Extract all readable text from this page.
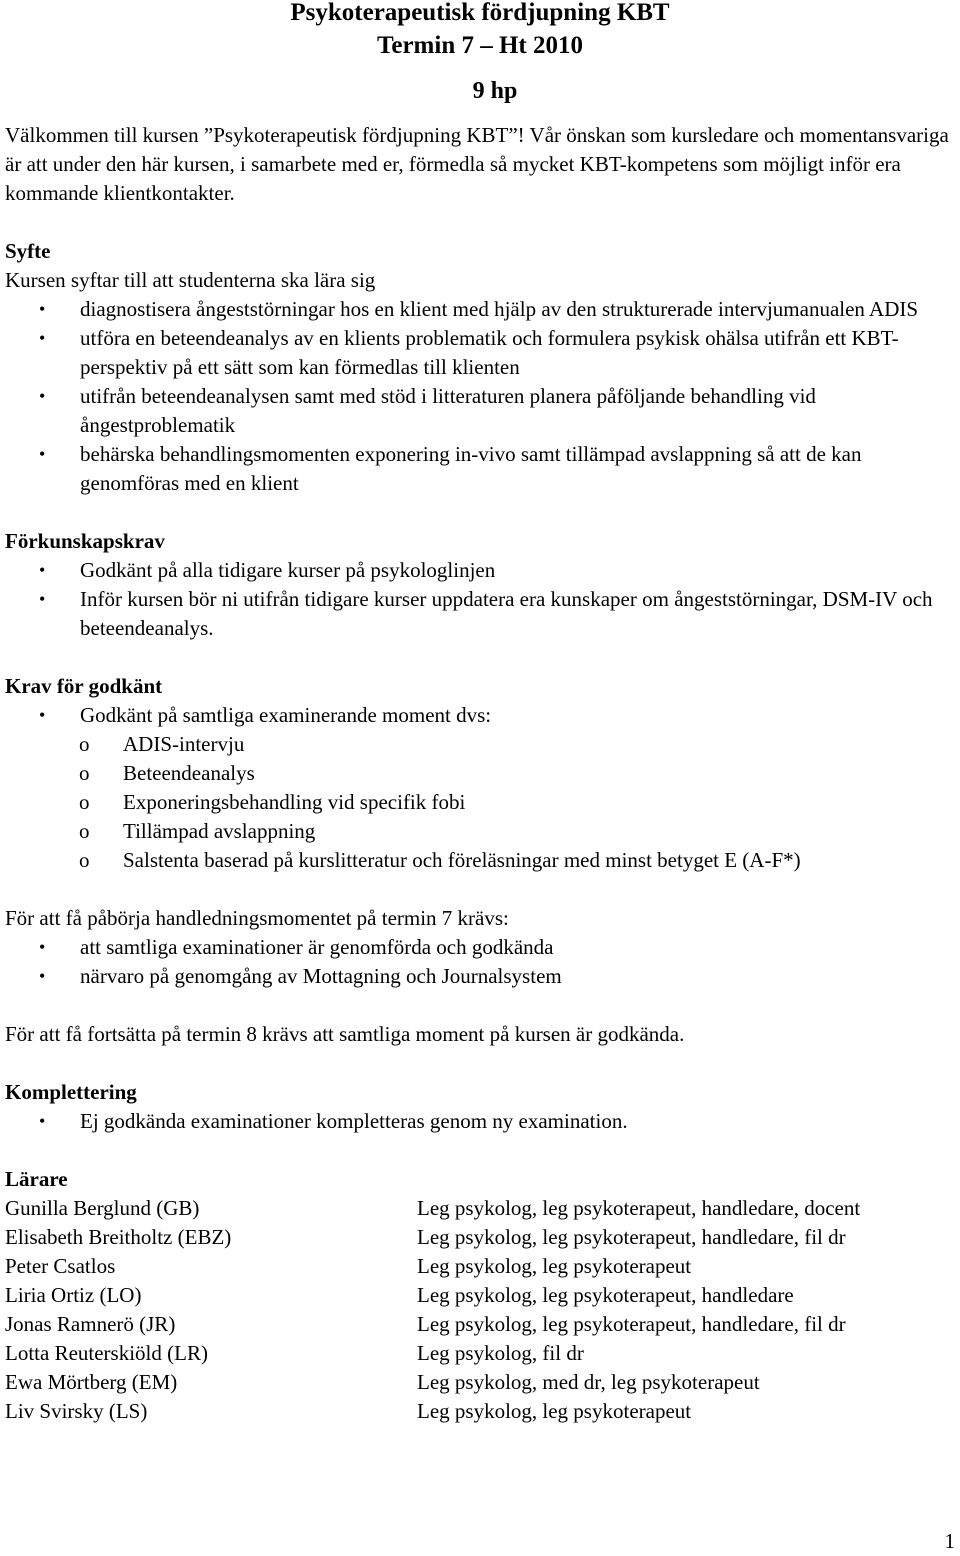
Psykoterapeutisk fördjupning KBT
Termin 7 – Ht 2010
9 hp
Välkommen till kursen ”Psykoterapeutisk fördjupning KBT”! Vår önskan som kursledare och momentansvariga är att under den här kursen, i samarbete med er, förmedla så mycket KBT-kompetens som möjligt inför era kommande klientkontakter.
Syfte
Kursen syftar till att studenterna ska lära sig
• diagnostisera ångeststörningar hos en klient med hjälp av den strukturerade intervjumanualen ADIS
• utföra en beteendeanalys av en klients problematik och formulera psykisk ohälsa utifrån ett KBT-perspektiv på ett sätt som kan förmedlas till klienten
• utifrån beteendeanalysen samt med stöd i litteraturen planera påföljande behandling vid ångestproblematik
• behärska behandlingsmomenten exponering in-vivo samt tillämpad avslappning så att de kan genomföras med en klient
Förkunskapskrav
• Godkänt på alla tidigare kurser på psykologlinjen
• Inför kursen bör ni utifrån tidigare kurser uppdatera era kunskaper om ångeststörningar, DSM-IV och beteendeanalys.
Krav för godkänt
• Godkänt på samtliga examinerande moment dvs:
o ADIS-intervju
o Beteendeanalys
o Exponeringsbehandling vid specifik fobi
o Tillämpad avslappning
o Salstenta baserad på kurslitteratur och föreläsningar med minst betyget E (A-F*)
För att få påbörja handledningsmomentet på termin 7 krävs:
• att samtliga examinationer är genomförda och godkända
• närvaro på genomgång av Mottagning och Journalsystem
För att få fortsätta på termin 8 krävs att samtliga moment på kursen är godkända.
Komplettering
• Ej godkända examinationer kompletteras genom ny examination.
Lärare
Gunilla Berglund (GB)	Leg psykolog, leg psykoterapeut, handledare, docent
Elisabeth Breitholtz (EBZ)	Leg psykolog, leg psykoterapeut, handledare, fil dr
Peter Csatlos	Leg psykolog, leg psykoterapeut
Liria Ortiz (LO)	Leg psykolog, leg psykoterapeut, handledare
Jonas Ramnerö (JR)	Leg psykolog, leg psykoterapeut, handledare, fil dr
Lotta Reuterskiöld (LR)	Leg psykolog, fil dr
Ewa Mörtberg (EM)	Leg psykolog, med dr, leg psykoterapeut
Liv Svirsky (LS)	Leg psykolog, leg psykoterapeut
1
